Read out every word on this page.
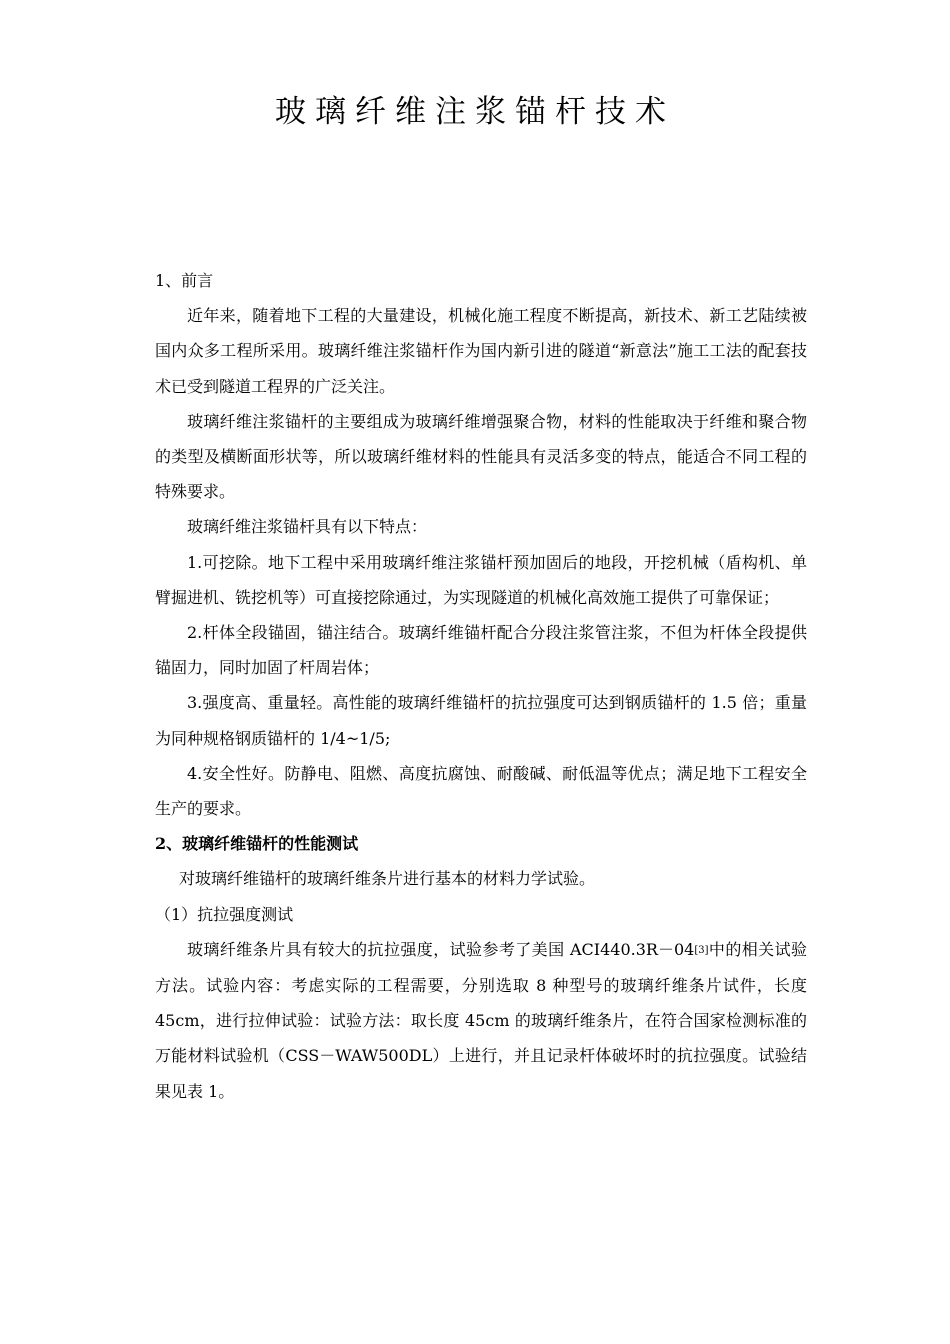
玻璃纤维注浆锚杆技术
1、前言

近年来，随着地下工程的大量建设，机械化施工程度不断提高，新技术、新工艺陆续被国内众多工程所采用。玻璃纤维注浆锚杆作为国内新引进的隧道“新意法”施工工法的配套技术已受到隧道工程界的广泛关注。

玻璃纤维注浆锚杆的主要组成为玻璃纤维增强聚合物，材料的性能取决于纤维和聚合物的类型及横断面形状等，所以玻璃纤维材料的性能具有灵活多变的特点，能适合不同工程的特殊要求。

玻璃纤维注浆锚杆具有以下特点：

1.可挖除。地下工程中采用玻璃纤维注浆锚杆预加固后的地段，开挖机械（盾构机、单臂掘进机、铣挖机等）可直接挖除通过，为实现隧道的机械化高效施工提供了可靠保证；

2.杆体全段锚固，锚注结合。玻璃纤维锚杆配合分段注浆管注浆，不但为杆体全段提供锚固力，同时加固了杆周岩体；

3.强度高、重量轻。高性能的玻璃纤维锚杆的抗拉强度可达到钢质锚杆的 1.5 倍；重量为同种规格钢质锚杆的 1/4~1/5;

4.安全性好。防静电、阻燃、高度抗腐蚀、耐酸碱、耐低温等优点；满足地下工程安全生产的要求。

2、玻璃纤维锚杆的性能测试

对玻璃纤维锚杆的玻璃纤维条片进行基本的材料力学试验。

（1）抗拉强度测试

玻璃纤维条片具有较大的抗拉强度，试验参考了美国 ACI440.3R－04[3]中的相关试验方法。试验内容：考虑实际的工程需要，分别选取 8 种型号的玻璃纤维条片试件，长度 45cm，进行拉伸试验：试验方法：取长度 45cm 的玻璃纤维条片，在符合国家检测标准的万能材料试验机（CSS－WAW500DL）上进行，并且记录杆体破坏时的抗拉强度。试验结果见表 1。
